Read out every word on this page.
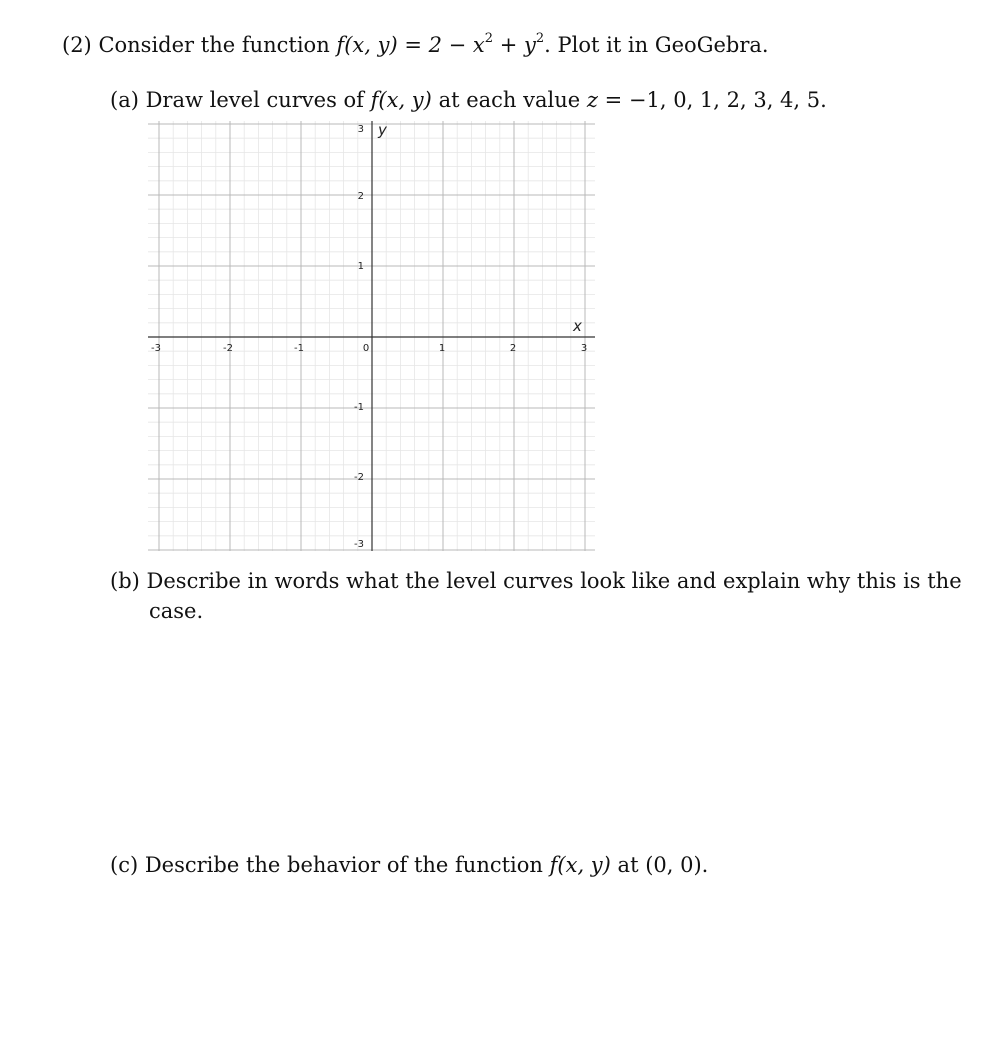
(2) Consider the function f(x, $y) = 2 - x^2 + y^2$. Plot it in GeoGebra.
(a) Draw level curves of f(x, y) at each value z = −1, 0, 1, 2, 3, 4, 5.
-3	-2	-1	0	1	2	3
3
2
1
-1
-2
-3
y
x
(b) Describe in words what the level curves look like and explain why this is the
case.
(c) Describe the behavior of the function f(x, y) at (0, 0).
